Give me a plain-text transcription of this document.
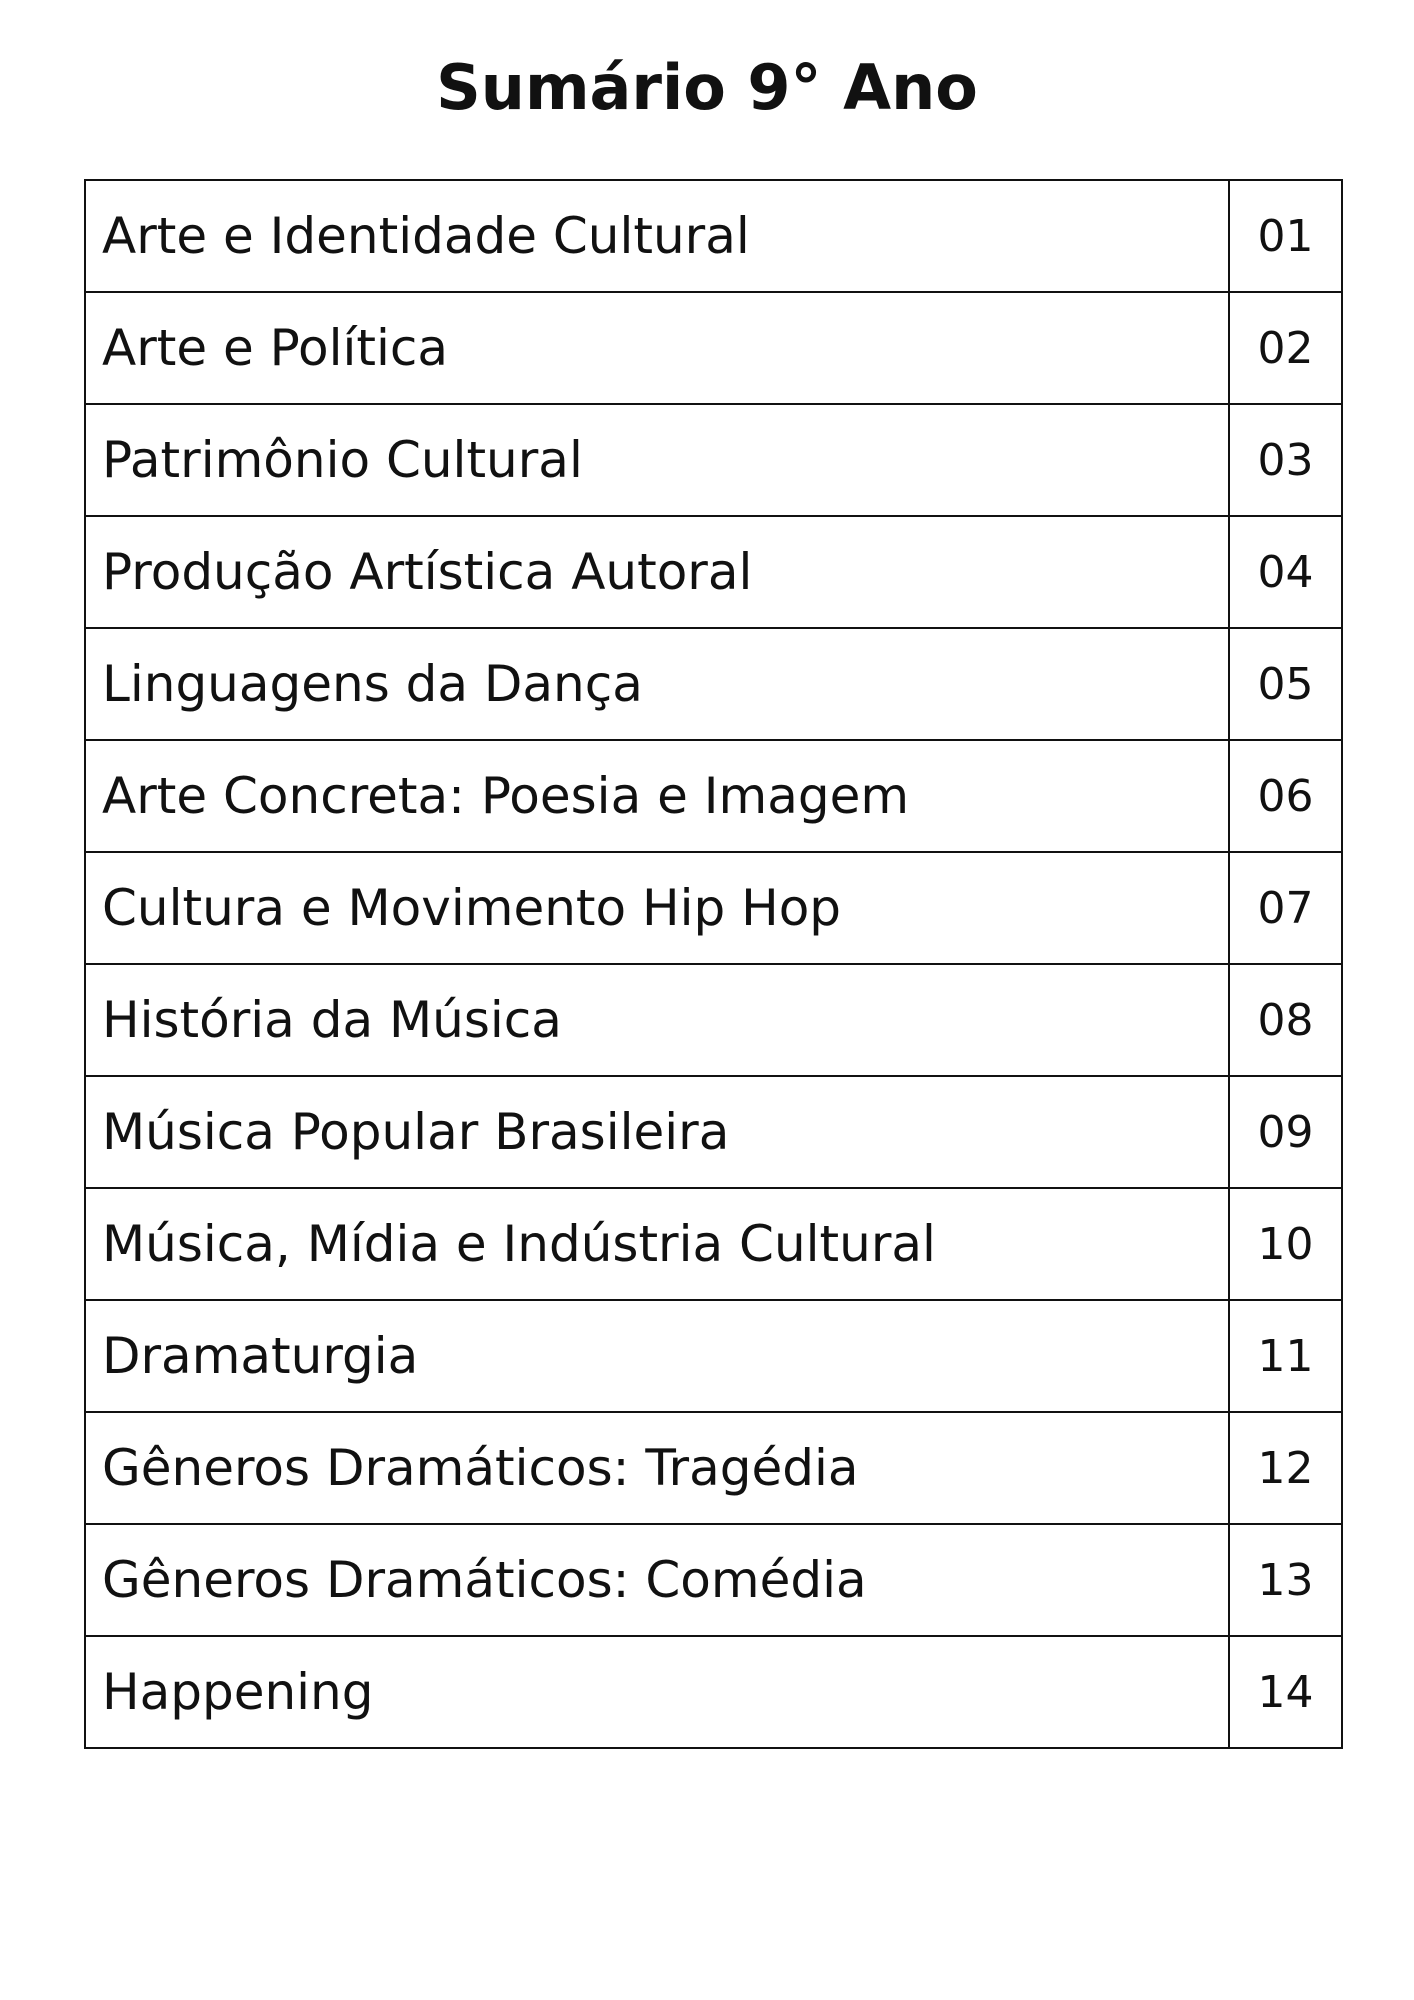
Sumário 9° Ano
Arte e Identidade Cultural	01
Arte e Política	02
Patrimônio Cultural	03
Produção Artística Autoral	04
Linguagens da Dança	05
Arte Concreta: Poesia e Imagem	06
Cultura e Movimento Hip Hop	07
História da Música	08
Música Popular Brasileira	09
Música, Mídia e Indústria Cultural	10
Dramaturgia	11
Gêneros Dramáticos: Tragédia	12
Gêneros Dramáticos: Comédia	13
Happening	14
